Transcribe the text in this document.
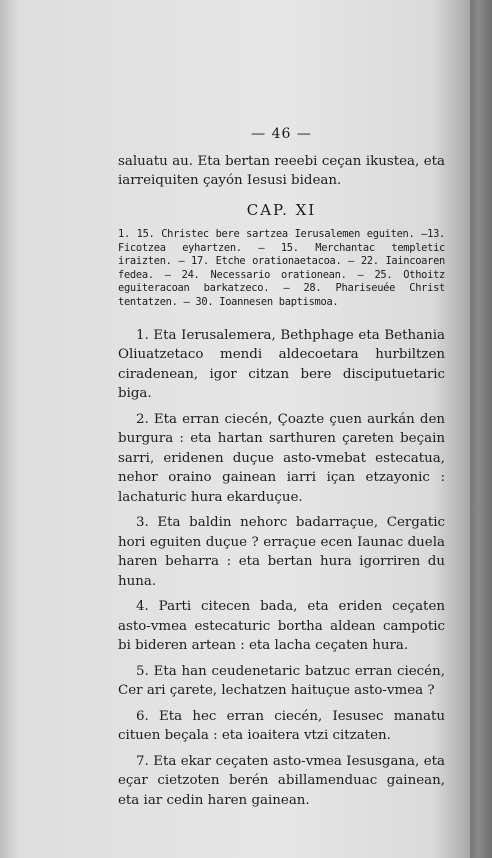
— 46 —

saluatu au. Eta bertan reeebi ceçan ikustea, eta iarreiquiten çayón Iesusi bidean.

CAP. XI

1. 15. Christec bere sartzea Ierusalemen eguiten. —13. Ficotzea eyhartzen. — 15. Merchantac templetic iraizten. — 17. Etche orationaetacoa. — 22. Iaincoaren fedea. — 24. Necessario orationean. — 25. Othoitz eguiteracoan barkatzeco. — 28. Phariseuée Christ tentatzen. — 30. Ioannesen baptismoa.

1. Eta Ierusalemera, Bethphage eta Bethania Oliuatzetaco mendi aldecoetara hurbiltzen ciradenean, igor citzan bere disciputuetaric biga.

2. Eta erran ciecén, Çoazte çuen aurkán den burgura : eta hartan sarthuren çareten beçain sarri, eridenen duçue asto-vmebat estecatua, nehor oraino gainean iarri içan etzayonic : lachaturic hura ekarduçue.

3. Eta baldin nehorc badarraçue, Cergatic hori eguiten duçue ? erraçue ecen Iaunac duela haren beharra : eta bertan hura igorriren du huna.

4. Parti citecen bada, eta eriden ceçaten asto-vmea estecaturic bortha aldean campotic bi bideren artean : eta lacha ceçaten hura.

5. Eta han ceudenetaric batzuc erran ciecén, Cer ari çarete, lechatzen haituçue asto-vmea ?

6. Eta hec erran ciecén, Iesusec manatu cituen beçala : eta ioaitera vtzi citzaten.

7. Eta ekar ceçaten asto-vmea Iesusgana, eta eçar cietzoten berén abillamenduac gainean, eta iar cedin haren gainean.
